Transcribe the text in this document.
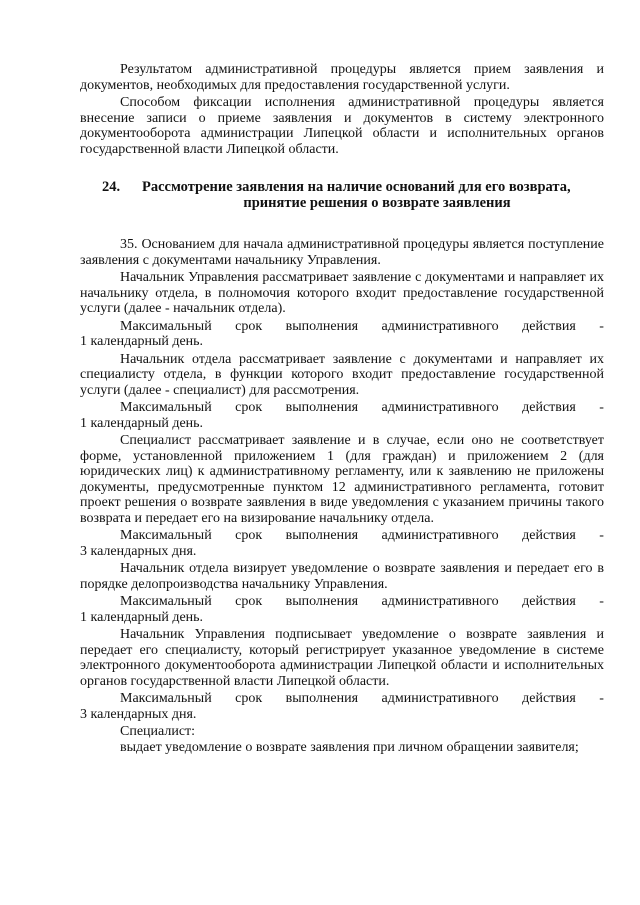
Результатом административной процедуры является прием заявления и документов, необходимых для предоставления государственной услуги.

Способом фиксации исполнения административной процедуры является внесение записи о приеме заявления и документов в систему электронного документооборота администрации Липецкой области и исполнительных органов государственной власти Липецкой области.

24.	Рассмотрение заявления на наличие оснований для его возврата,
принятие решения о возврате заявления

35. Основанием для начала административной процедуры является поступление заявления с документами начальнику Управления.

Начальник Управления рассматривает заявление с документами и направляет их начальнику отдела, в полномочия которого входит предоставление государственной услуги (далее - начальник отдела).

Максимальный срок выполнения административного действия -

1 календарный день.

Начальник отдела рассматривает заявление с документами и направляет их специалисту отдела, в функции которого входит предоставление государственной услуги (далее - специалист) для рассмотрения.

Максимальный срок выполнения административного действия -

1 календарный день.

Специалист рассматривает заявление и в случае, если оно не соответствует форме, установленной приложением 1 (для граждан) и приложением 2 (для юридических лиц) к административному регламенту, или к заявлению не приложены документы, предусмотренные пунктом 12 административного регламента, готовит проект решения о возврате заявления в виде уведомления с указанием причины такого возврата и передает его на визирование начальнику отдела.

Максимальный срок выполнения административного действия -

3 календарных дня.

Начальник отдела визирует уведомление о возврате заявления и передает его в порядке делопроизводства начальнику Управления.

Максимальный срок выполнения административного действия -

1 календарный день.

Начальник Управления подписывает уведомление о возврате заявления и передает его специалисту, который регистрирует указанное уведомление в системе электронного документооборота администрации Липецкой области и исполнительных органов государственной власти Липецкой области.

Максимальный срок выполнения административного действия -

3 календарных дня.

Специалист:

выдает уведомление о возврате заявления при личном обращении заявителя;
